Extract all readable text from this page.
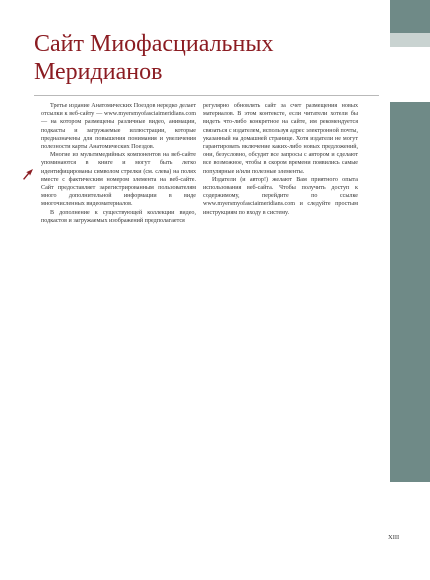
Сайт Миофасциальных
Меридианов

Третье издание Анатомических Поездов нередко делает отсылки к веб-сайту — www.myersmyofasciaimeridians.com — на котором размещены различные видео, анимации, подкасты и загружаемые иллюстрации, которые предназначены для повышения понимания и увеличения полезности карты Анатомических Поездов.

Многие из мультимедийных компонентов на веб-сайте упоминаются в книге и могут быть легко идентифицированы символом стрелки (см. слева) на полях вместе с фактическим номером элемента на веб-сайте. Сайт предоставляет зарегистрированным пользователям много дополнительной информации в виде многочисленных видеоматериалов.

В дополнение к существующей коллекции видео, подкастов и загружаемых изображений предполагается

регулярно обновлять сайт за счет размещения новых материалов. В этом контексте, если читатели хотели бы видеть что-либо конкретное на сайте, им рекомендуется связаться с издателем, используя адрес электронной почты, указанный на домашней странице. Хотя издатели не могут гарантировать включение каких-либо новых предложений, они, безусловно, обсудят все запросы с автором и сделают все возможное, чтобы в скором времени появились самые популярные и/или полезные элементы.

Издатели (и автор!) желают Вам приятного опыта использования веб-сайта. Чтобы получить доступ к содержимому, перейдите по ссылке www.myersmyofasciaimeridians.com и следуйте простым инструкциям по входу в систему.

XIII
